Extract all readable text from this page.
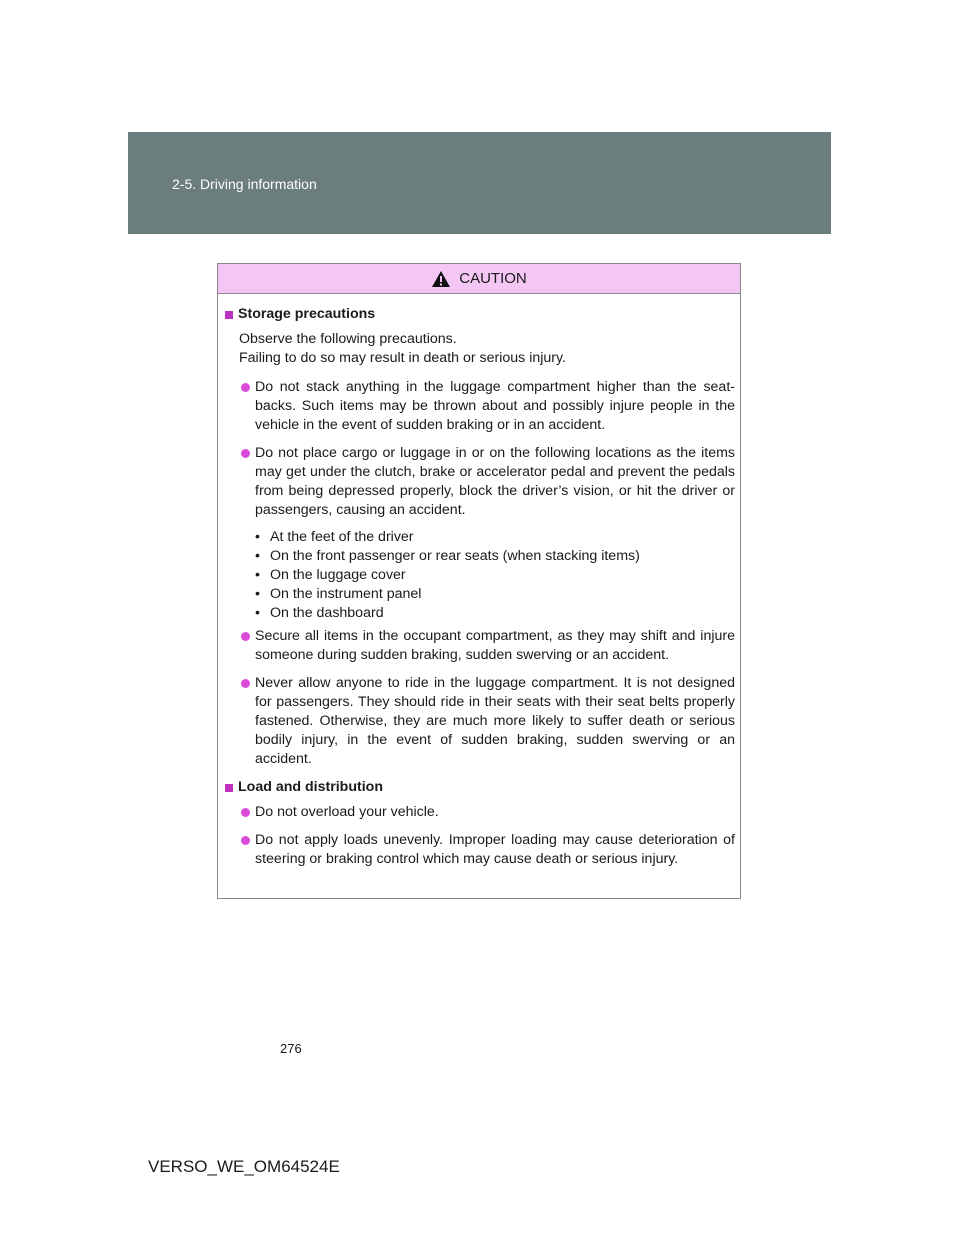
2-5. Driving information
CAUTION
Storage precautions
Observe the following precautions.
Failing to do so may result in death or serious injury.
Do not stack anything in the luggage compartment higher than the seat-backs. Such items may be thrown about and possibly injure people in the vehicle in the event of sudden braking or in an accident.
Do not place cargo or luggage in or on the following locations as the items may get under the clutch, brake or accelerator pedal and prevent the pedals from being depressed properly, block the driver’s vision, or hit the driver or passengers, causing an accident.
• At the feet of the driver
• On the front passenger or rear seats (when stacking items)
• On the luggage cover
• On the instrument panel
• On the dashboard
Secure all items in the occupant compartment, as they may shift and injure someone during sudden braking, sudden swerving or an accident.
Never allow anyone to ride in the luggage compartment. It is not designed for passengers. They should ride in their seats with their seat belts properly fastened. Otherwise, they are much more likely to suffer death or serious bodily injury, in the event of sudden braking, sudden swerving or an accident.
Load and distribution
Do not overload your vehicle.
Do not apply loads unevenly. Improper loading may cause deterioration of steering or braking control which may cause death or serious injury.
276
VERSO_WE_OM64524E
